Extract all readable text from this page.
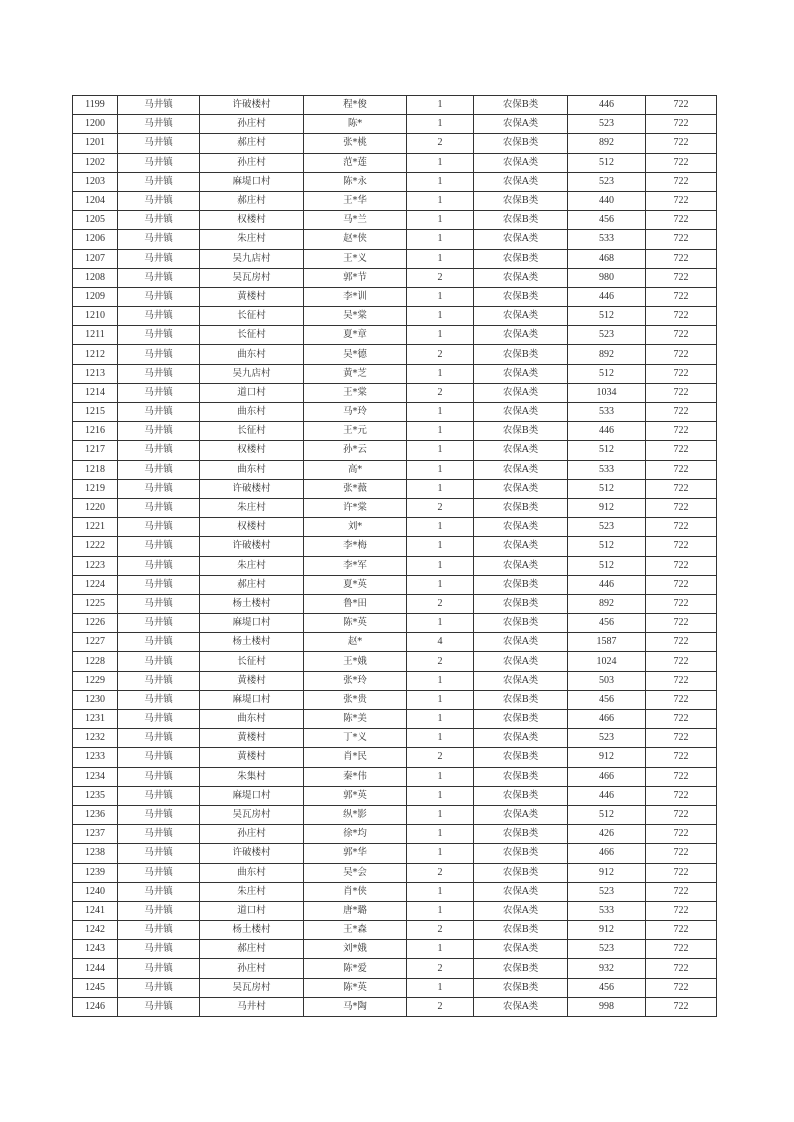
1199	马井镇	许破楼村	程*俊	1	农保B类	446	722
1200	马井镇	孙庄村	陈*	1	农保A类	523	722
1201	马井镇	郝庄村	张*桃	2	农保B类	892	722
1202	马井镇	孙庄村	范*莲	1	农保A类	512	722
1203	马井镇	麻堤口村	陈*永	1	农保A类	523	722
1204	马井镇	郝庄村	王*华	1	农保B类	440	722
1205	马井镇	权楼村	马*兰	1	农保B类	456	722
1206	马井镇	朱庄村	赵*侠	1	农保A类	533	722
1207	马井镇	吴九店村	王*义	1	农保B类	468	722
1208	马井镇	吴瓦房村	郭*节	2	农保A类	980	722
1209	马井镇	黄楼村	李*训	1	农保B类	446	722
1210	马井镇	长征村	吴*棠	1	农保A类	512	722
1211	马井镇	长征村	夏*章	1	农保A类	523	722
1212	马井镇	曲东村	吴*德	2	农保B类	892	722
1213	马井镇	吴九店村	黄*芝	1	农保A类	512	722
1214	马井镇	道口村	王*棠	2	农保A类	1034	722
1215	马井镇	曲东村	马*玲	1	农保A类	533	722
1216	马井镇	长征村	王*元	1	农保B类	446	722
1217	马井镇	权楼村	孙*云	1	农保A类	512	722
1218	马井镇	曲东村	高*	1	农保A类	533	722
1219	马井镇	许破楼村	张*薇	1	农保A类	512	722
1220	马井镇	朱庄村	许*棠	2	农保B类	912	722
1221	马井镇	权楼村	刘*	1	农保A类	523	722
1222	马井镇	许破楼村	李*梅	1	农保A类	512	722
1223	马井镇	朱庄村	李*军	1	农保A类	512	722
1224	马井镇	郝庄村	夏*英	1	农保B类	446	722
1225	马井镇	杨土楼村	鲁*田	2	农保B类	892	722
1226	马井镇	麻堤口村	陈*英	1	农保B类	456	722
1227	马井镇	杨土楼村	赵*	4	农保A类	1587	722
1228	马井镇	长征村	王*娥	2	农保A类	1024	722
1229	马井镇	黄楼村	张*玲	1	农保A类	503	722
1230	马井镇	麻堤口村	张*贵	1	农保B类	456	722
1231	马井镇	曲东村	陈*美	1	农保B类	466	722
1232	马井镇	黄楼村	丁*义	1	农保A类	523	722
1233	马井镇	黄楼村	肖*民	2	农保B类	912	722
1234	马井镇	朱集村	秦*伟	1	农保B类	466	722
1235	马井镇	麻堤口村	郭*英	1	农保B类	446	722
1236	马井镇	吴瓦房村	纵*影	1	农保A类	512	722
1237	马井镇	孙庄村	徐*均	1	农保B类	426	722
1238	马井镇	许破楼村	郭*华	1	农保B类	466	722
1239	马井镇	曲东村	吴*会	2	农保B类	912	722
1240	马井镇	朱庄村	肖*侠	1	农保A类	523	722
1241	马井镇	道口村	唐*璐	1	农保A类	533	722
1242	马井镇	杨土楼村	王*森	2	农保B类	912	722
1243	马井镇	郝庄村	刘*娥	1	农保A类	523	722
1244	马井镇	孙庄村	陈*爱	2	农保B类	932	722
1245	马井镇	吴瓦房村	陈*英	1	农保B类	456	722
1246	马井镇	马井村	马*陶	2	农保A类	998	722
